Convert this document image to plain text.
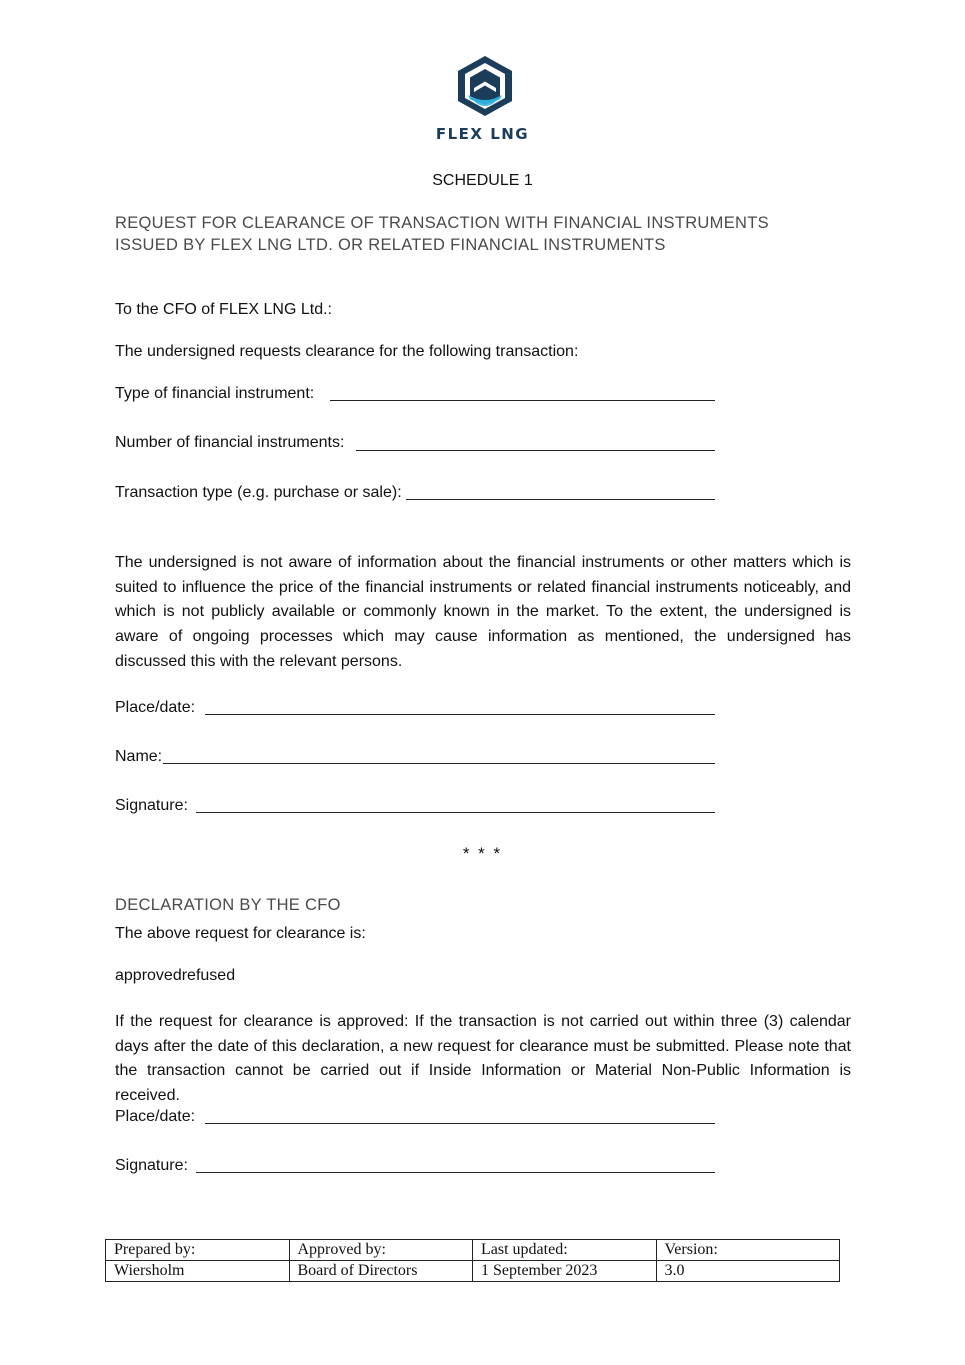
FLEX LNG
SCHEDULE 1
REQUEST FOR CLEARANCE OF TRANSACTION WITH FINANCIAL INSTRUMENTS
ISSUED BY FLEX LNG LTD. OR RELATED FINANCIAL INSTRUMENTS
To the CFO of FLEX LNG Ltd.:
The undersigned requests clearance for the following transaction:
Type of financial instrument:
Number of financial instruments:
Transaction type (e.g. purchase or sale):
The undersigned is not aware of information about the financial instruments or other matters which is suited to influence the price of the financial instruments or related financial instruments noticeably, and which is not publicly available or commonly known in the market. To the extent, the undersigned is aware of ongoing processes which may cause information as mentioned, the undersigned has discussed this with the relevant persons.
Place/date:
Name:
Signature:
* * *
DECLARATION BY THE CFO
The above request for clearance is:
approvedrefused
If the request for clearance is approved: If the transaction is not carried out within three (3) calendar days after the date of this declaration, a new request for clearance must be submitted. Please note that the transaction cannot be carried out if Inside Information or Material Non-Public Information is received.
Place/date:
Signature:
Prepared by:	Approved by:	Last updated:	Version:
Wiersholm	Board of Directors	1 September 2023	3.0
